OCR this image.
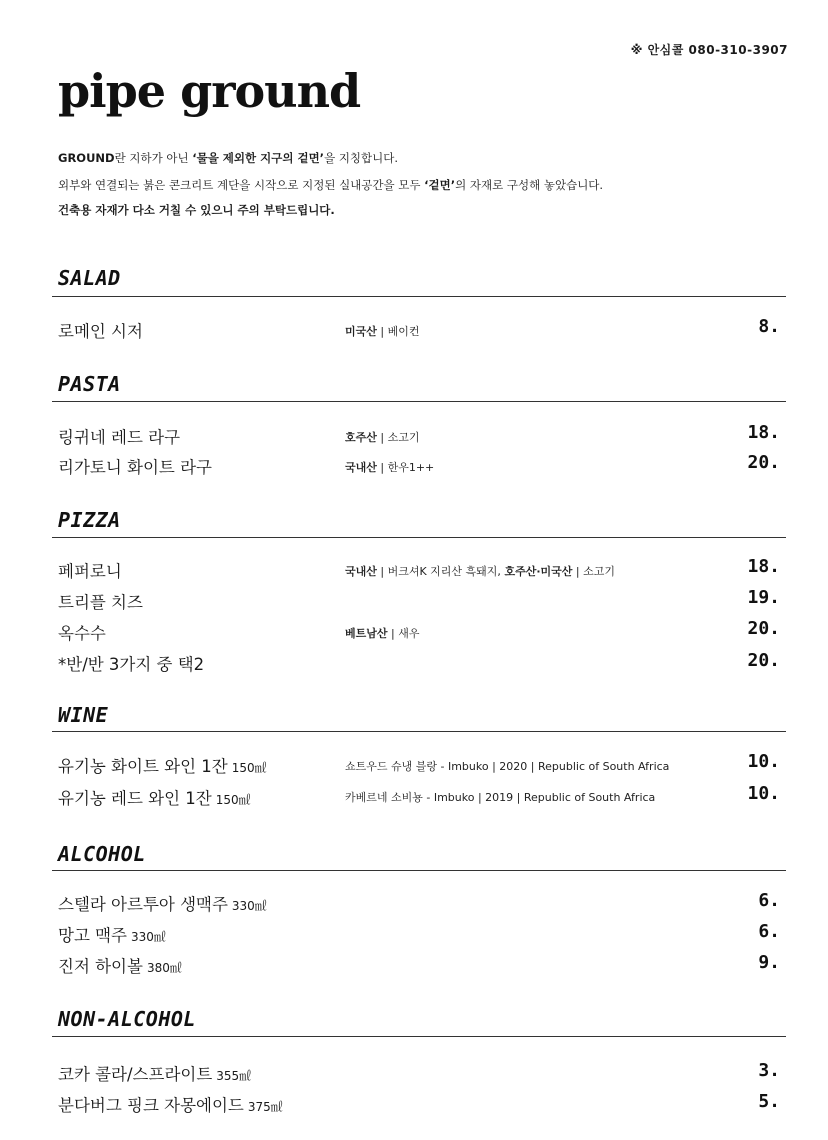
※ 안심콜 080-310-3907
pipe ground
GROUND란 지하가 아닌 ‘물을 제외한 지구의 겉면’을 지칭합니다.
외부와 연결되는 붉은 콘크리트 계단을 시작으로 지정된 실내공간을 모두 ‘겉면’의 자재로 구성해 놓았습니다.
건축용 자재가 다소 거칠 수 있으니 주의 부탁드립니다.
SALAD
로메인 시저	미국산 | 베이컨	8.
PASTA
링귀네 레드 라구	호주산 | 소고기	18.
리가토니 화이트 라구	국내산 | 한우1++	20.
PIZZA
페퍼로니	국내산 | 버크셔K 지리산 흑돼지, 호주산·미국산 | 소고기	18.
트리플 치즈	19.
옥수수	베트남산 | 새우	20.
*반/반 3가지 중 택2	20.
WINE
유기농 화이트 와인 1잔 150㎖	쇼트우드 슈냉 블랑 - Imbuko | 2020 | Republic of South Africa	10.
유기농 레드 와인 1잔 150㎖	카베르네 소비뇽 - Imbuko | 2019 | Republic of South Africa	10.
ALCOHOL
스텔라 아르투아 생맥주 330㎖	6.
망고 맥주 330㎖	6.
진저 하이볼 380㎖	9.
NON-ALCOHOL
코카 콜라/스프라이트 355㎖	3.
분다버그 핑크 자몽에이드 375㎖	5.
